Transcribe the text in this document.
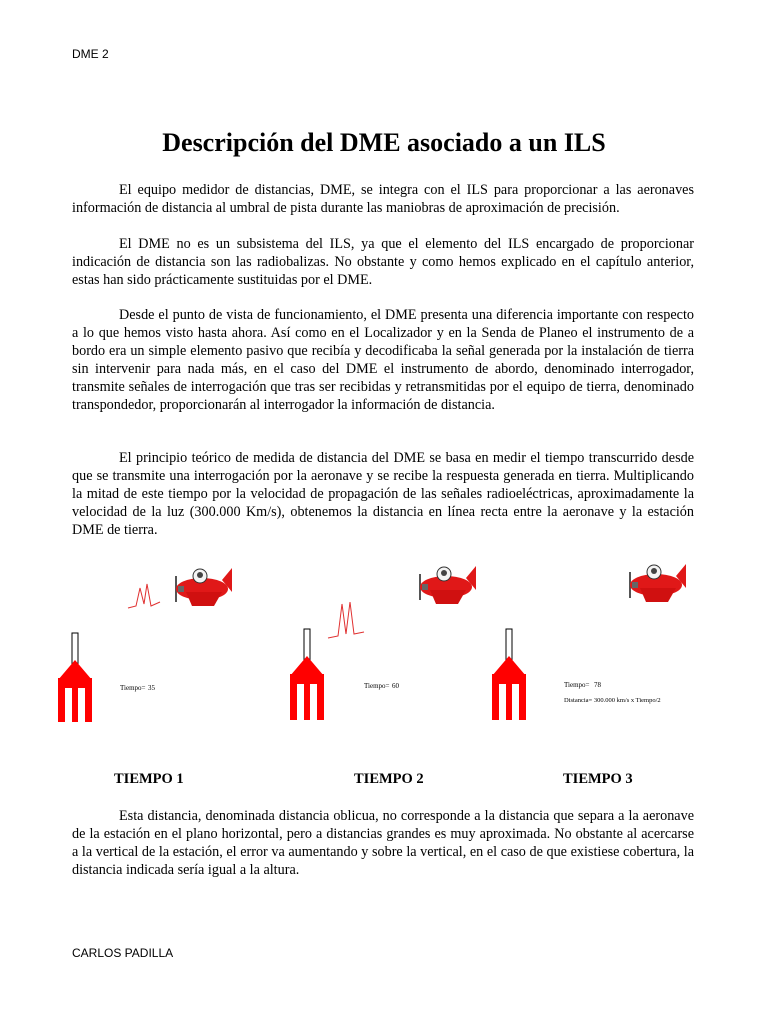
DME 2
Descripción del DME asociado a un ILS

El equipo medidor de distancias, DME, se integra con el ILS para proporcionar a las aeronaves información de distancia al umbral de pista durante las maniobras de aproximación de precisión.

El DME no es un subsistema del ILS, ya que el elemento del ILS encargado de proporcionar indicación de distancia son las radiobalizas. No obstante y como hemos explicado en el capítulo anterior, estas han sido prácticamente sustituidas por el DME.

Desde el punto de vista de funcionamiento, el DME presenta una diferencia importante con respecto a lo que hemos visto hasta ahora. Así como en el Localizador y en la Senda de Planeo el instrumento de a bordo era un simple elemento pasivo que recibía y decodificaba la señal generada por la instalación de tierra sin intervenir para nada más, en el caso del DME el instrumento de abordo, denominado interrogador, transmite señales de interrogación que tras ser recibidas y retransmitidas por el equipo de tierra, denominado transpondedor, proporcionarán al interrogador la información de distancia.

El principio teórico de medida de distancia del DME se basa en medir el tiempo transcurrido desde que se transmite una interrogación por la aeronave y se recibe la respuesta generada en tierra. Multiplicando la mitad de este tiempo por la velocidad de propagación de las señales radioeléctricas, aproximadamente la velocidad de la luz (300.000 Km/s), obtenemos la distancia en línea recta entre la aeronave y la estación DME de tierra.

Tiempo= 35	Tiempo= 60	Tiempo= 78
Distancia= 300.000 km/s x Tiempo/2
TIEMPO 1	TIEMPO 2	TIEMPO 3

Esta distancia, denominada distancia oblicua, no corresponde a la distancia que separa a la aeronave de la estación en el plano horizontal, pero a distancias grandes es muy aproximada. No obstante al acercarse a la vertical de la estación, el error va aumentando y sobre la vertical, en el caso de que existiese cobertura, la distancia indicada sería igual a la altura.

CARLOS PADILLA
